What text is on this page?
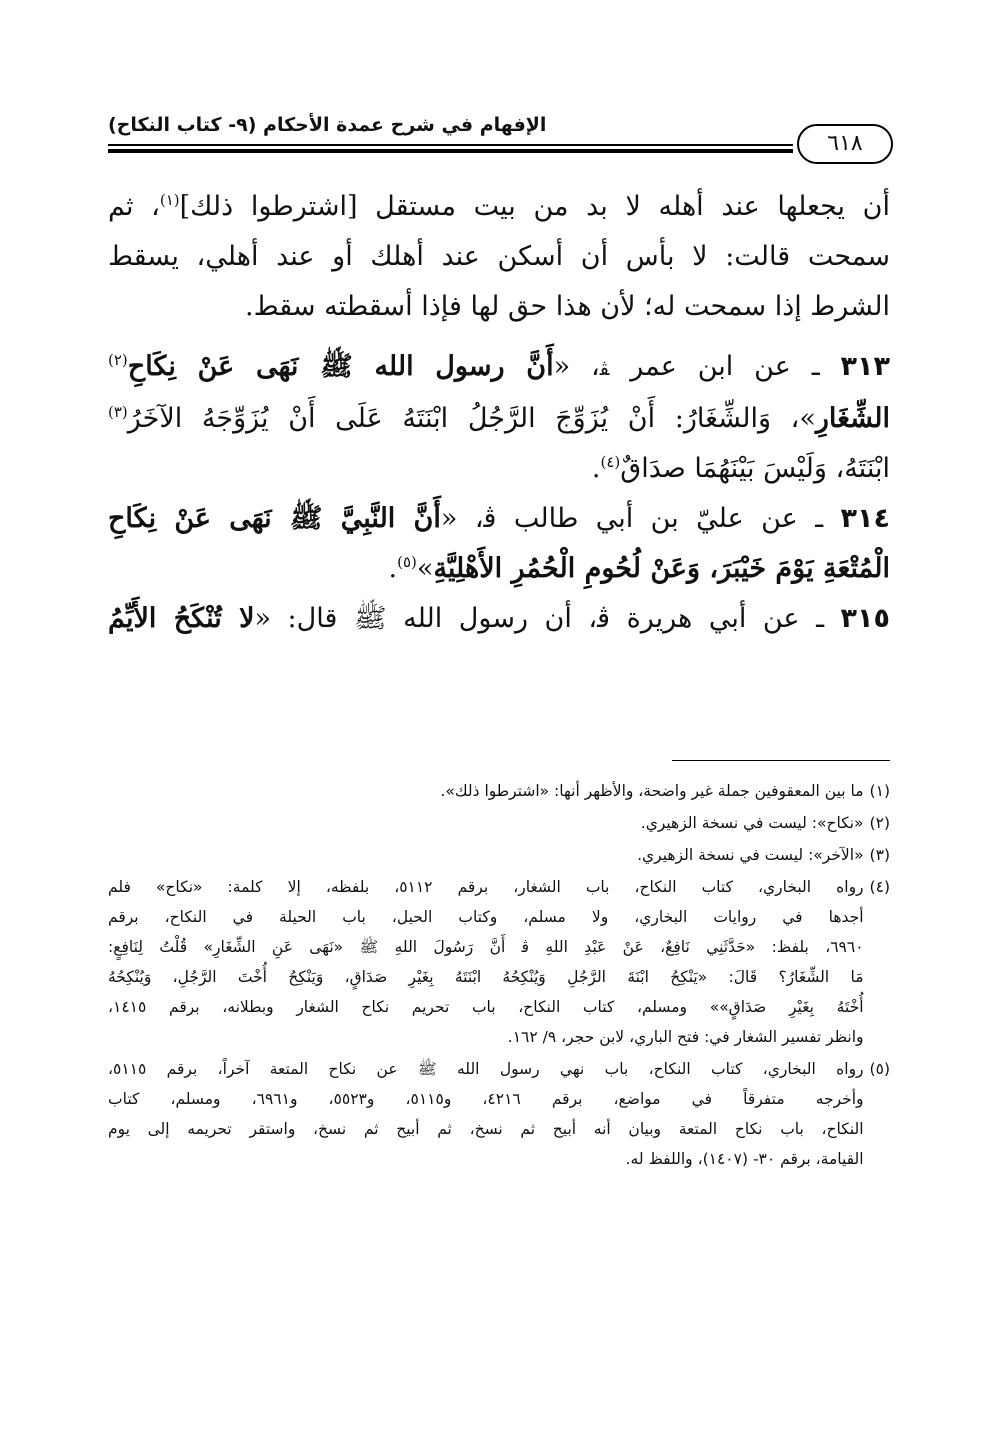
٦١٨
الإفهام في شرح عمدة الأحكام (٩- كتاب النكاح)
أن يجعلها عند أهله لا بد من بيت مستقل [اشترطوا ذلك]$^{(١)}$، ثم
سمحت قالت: لا بأس أن أسكن عند أهلك أو عند أهلي، يسقط
الشرط إذا سمحت له؛ لأن هذا حق لها فإذا أسقطته سقط.
٣١٣ ـ عن ابن عمر ﭭ، «أَنَّ رسول الله ﷺ نَهَى عَنْ نِكَاحِ$^{(٢)}$
الشِّغَارِ»، وَالشِّغَارُ: أَنْ يُزَوِّجَ الرَّجُلُ ابْنَتَهُ عَلَى أَنْ يُزَوِّجَهُ الآخَرُ$^{(٣)}$
ابْنَتَهُ، وَلَيْسَ بَيْنَهُمَا صدَاقٌ$^{(٤)}$.
٣١٤ ـ عن عليّ بن أبي طالب ﭬ، «أَنَّ النَّبِيَّ ﷺ نَهَى عَنْ نِكَاحِ
الْمُتْعَةِ يَوْمَ خَيْبَرَ، وَعَنْ لُحُومِ الْحُمُرِ الأَهْلِيَّةِ»$^{(٥)}$.
٣١٥ ـ عن أبي هريرة ﭬ، أن رسول الله ﷺ قال: «لا تُنْكَحُ الأَيِّمُ
(١)
ما بين المعقوفين جملة غير واضحة، والأظهر أنها: «اشترطوا ذلك».
(٢)
«نكاح»: ليست في نسخة الزهيري.
(٣)
«الآخر»: ليست في نسخة الزهيري.
(٤)
رواه البخاري، كتاب النكاح، باب الشغار، برقم ٥١١٢، بلفظه، إلا كلمة: «نكاح» فلم
أجدها في روايات البخاري، ولا مسلم، وكتاب الحيل، باب الحيلة في النكاح، برقم
٦٩٦٠، بلفظ: «حَدَّثَنِي نَافِعٌ، عَنْ عَبْدِ اللهِ ﭬ أَنَّ رَسُولَ اللهِ ﷺ «نَهَى عَنِ الشِّغَارِ» قُلْتُ لِنَافِعٍ:
مَا الشِّغَارُ؟ قَالَ: «يَنْكِحُ ابْنَةَ الرَّجُلِ وَيُنْكِحُهُ ابْنَتَهُ بِغَيْرِ صَدَاقٍ، وَيَنْكِحُ أُخْتَ الرَّجُلِ، وَيُنْكِحُهُ
أُخْتَهُ بِغَيْرِ صَدَاقٍ»» ومسلم، كتاب النكاح، باب تحريم نكاح الشغار وبطلانه، برقم ١٤١٥،
وانظر تفسير الشغار في: فتح الباري، لابن حجر، ٩/ ١٦٢.
(٥)
رواه البخاري، كتاب النكاح، باب نهي رسول الله ﷺ عن نكاح المتعة آخراً، برقم ٥١١٥،
وأخرجه متفرقاً في مواضع، برقم ٤٢١٦، و٥١١٥، و٥٥٢٣، و٦٩٦١، ومسلم، كتاب
النكاح، باب نكاح المتعة وبيان أنه أبيح ثم نسخ، ثم أبيح ثم نسخ، واستقر تحريمه إلى يوم
القيامة، برقم ٣٠- (١٤٠٧)، واللفظ له.
